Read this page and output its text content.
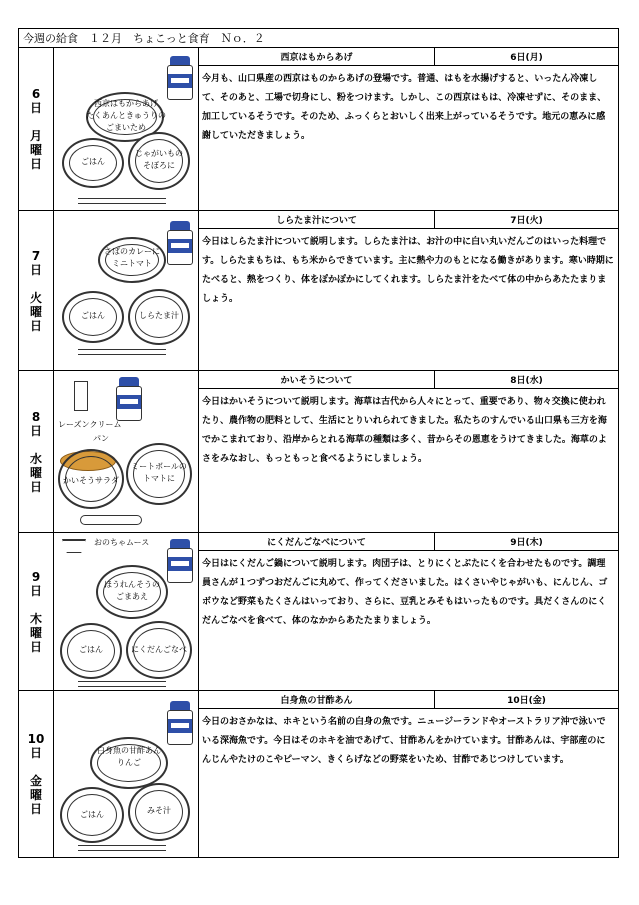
今週の給食　１２月　ちょこっと食育　Ｎｏ．２
6
日
月
曜
日
西京はもからあげ
たくあんときゅうりの
ごまいため
ごはん
じゃがいもの
そぼろに
西京はもからあげ	6日(月)
今月も、山口県産の西京はものからあげの登場です。普通、はもを水揚げすると、いったん冷凍して、そのあと、工場で切身にし、粉をつけます。しかし、この西京はもは、冷凍せずに、そのまま、加工しているそうです。そのため、ふっくらとおいしく出来上がっているそうです。地元の恵みに感謝していただきましょう。
7
日
火
曜
日
さばのカレーに
ミニトマト
ごはん	しらたま汁
しらたま汁について	7日(火)
今日はしらたま汁について説明します。しらたま汁は、お汁の中に白い丸いだんごのはいった料理です。しらたまもちは、もち米からできています。主に熱や力のもとになる働きがあります。寒い時期にたべると、熱をつくり、体をぽかぽかにしてくれます。しらたま汁をたべて体の中からあたたまりましょう。
8
日
水
曜
日
レーズンクリーム
パン
かいそうサラダ
ミートボールの
トマトに
かいそうについて	8日(水)
今日はかいそうについて説明します。海草は古代から人々にとって、重要であり、物々交換に使われたり、農作物の肥料として、生活にとりいれられてきました。私たちのすんでいる山口県も三方を海でかこまれており、沿岸からとれる海草の種類は多く、昔からその恩恵をうけてきました。海草のよさをみなおし、もっともっと食べるようにしましょう。
9
日
木
曜
日
おのちゃムース
ほうれんそうの
ごまあえ
ごはん	にくだんごなべ
にくだんごなべについて	9日(木)
今日はにくだんご鍋について説明します。肉団子は、とりにくとぶたにくを合わせたものです。調理員さんが１つずつおだんごに丸めて、作ってくださいました。はくさいやじゃがいも、にんじん、ゴボウなど野菜もたくさんはいっており、さらに、豆乳とみそもはいったものです。具だくさんのにくだんごなべを食べて、体のなかからあたたまりましょう。
10
日
金
曜
日
白身魚の甘酢あん
りんご
ごはん	みそ汁
白身魚の甘酢あん	10日(金)
今日のおさかなは、ホキという名前の白身の魚です。ニュージーランドやオーストラリア沖で泳いでいる深海魚です。今日はそのホキを油であげて、甘酢あんをかけています。甘酢あんは、宇部産のにんじんやたけのこやピーマン、きくらげなどの野菜をいため、甘酢であじつけしています。
